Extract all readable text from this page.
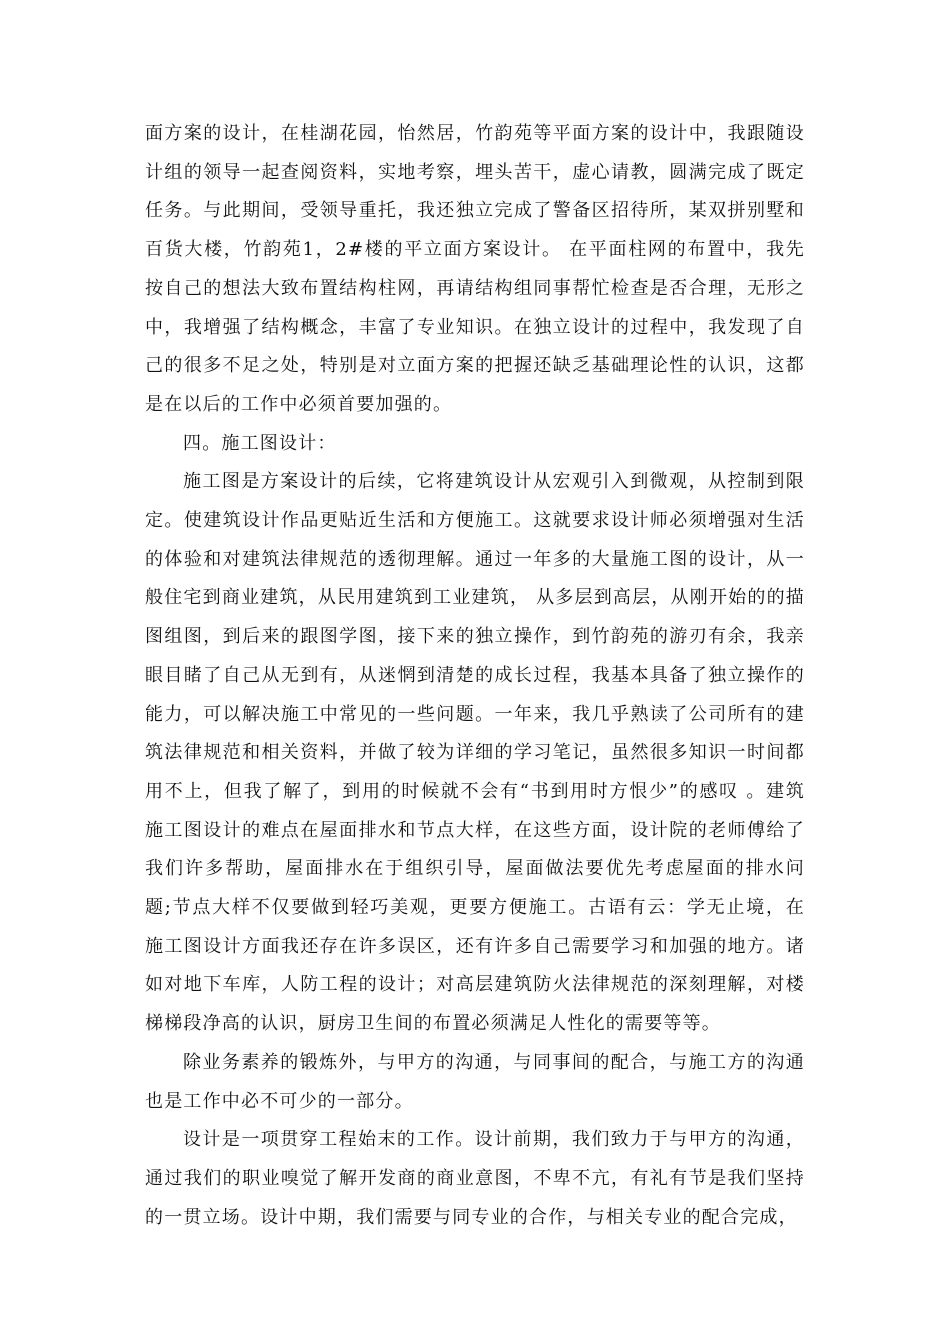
面方案的设计，在桂湖花园，怡然居，竹韵苑等平面方案的设计中，我跟随设计组的领导一起查阅资料，实地考察，埋头苦干，虚心请教，圆满完成了既定任务。与此期间，受领导重托，我还独立完成了警备区招待所，某双拼别墅和百货大楼，竹韵苑1，2#楼的平立面方案设计。 在平面柱网的布置中，我先按自己的想法大致布置结构柱网，再请结构组同事帮忙检查是否合理，无形之中，我增强了结构概念，丰富了专业知识。在独立设计的过程中，我发现了自己的很多不足之处，特别是对立面方案的把握还缺乏基础理论性的认识，这都是在以后的工作中必须首要加强的。

四。施工图设计：

施工图是方案设计的后续，它将建筑设计从宏观引入到微观，从控制到限定。使建筑设计作品更贴近生活和方便施工。这就要求设计师必须增强对生活的体验和对建筑法律规范的透彻理解。通过一年多的大量施工图的设计，从一般住宅到商业建筑，从民用建筑到工业建筑， 从多层到高层，从刚开始的的描图组图，到后来的跟图学图，接下来的独立操作，到竹韵苑的游刃有余，我亲眼目睹了自己从无到有，从迷惘到清楚的成长过程，我基本具备了独立操作的能力，可以解决施工中常见的一些问题。一年来，我几乎熟读了公司所有的建筑法律规范和相关资料，并做了较为详细的学习笔记，虽然很多知识一时间都用不上，但我了解了，到用的时候就不会有“书到用时方恨少”的感叹 。建筑施工图设计的难点在屋面排水和节点大样，在这些方面，设计院的老师傅给了我们许多帮助，屋面排水在于组织引导，屋面做法要优先考虑屋面的排水问题;节点大样不仅要做到轻巧美观，更要方便施工。古语有云：学无止境，在施工图设计方面我还存在许多误区，还有许多自己需要学习和加强的地方。诸如对地下车库，人防工程的设计；对高层建筑防火法律规范的深刻理解，对楼梯梯段净高的认识，厨房卫生间的布置必须满足人性化的需要等等。

除业务素养的锻炼外，与甲方的沟通，与同事间的配合，与施工方的沟通也是工作中必不可少的一部分。

设计是一项贯穿工程始末的工作。设计前期，我们致力于与甲方的沟通，通过我们的职业嗅觉了解开发商的商业意图，不卑不亢，有礼有节是我们坚持的一贯立场。设计中期，我们需要与同专业的合作，与相关专业的配合完成，
